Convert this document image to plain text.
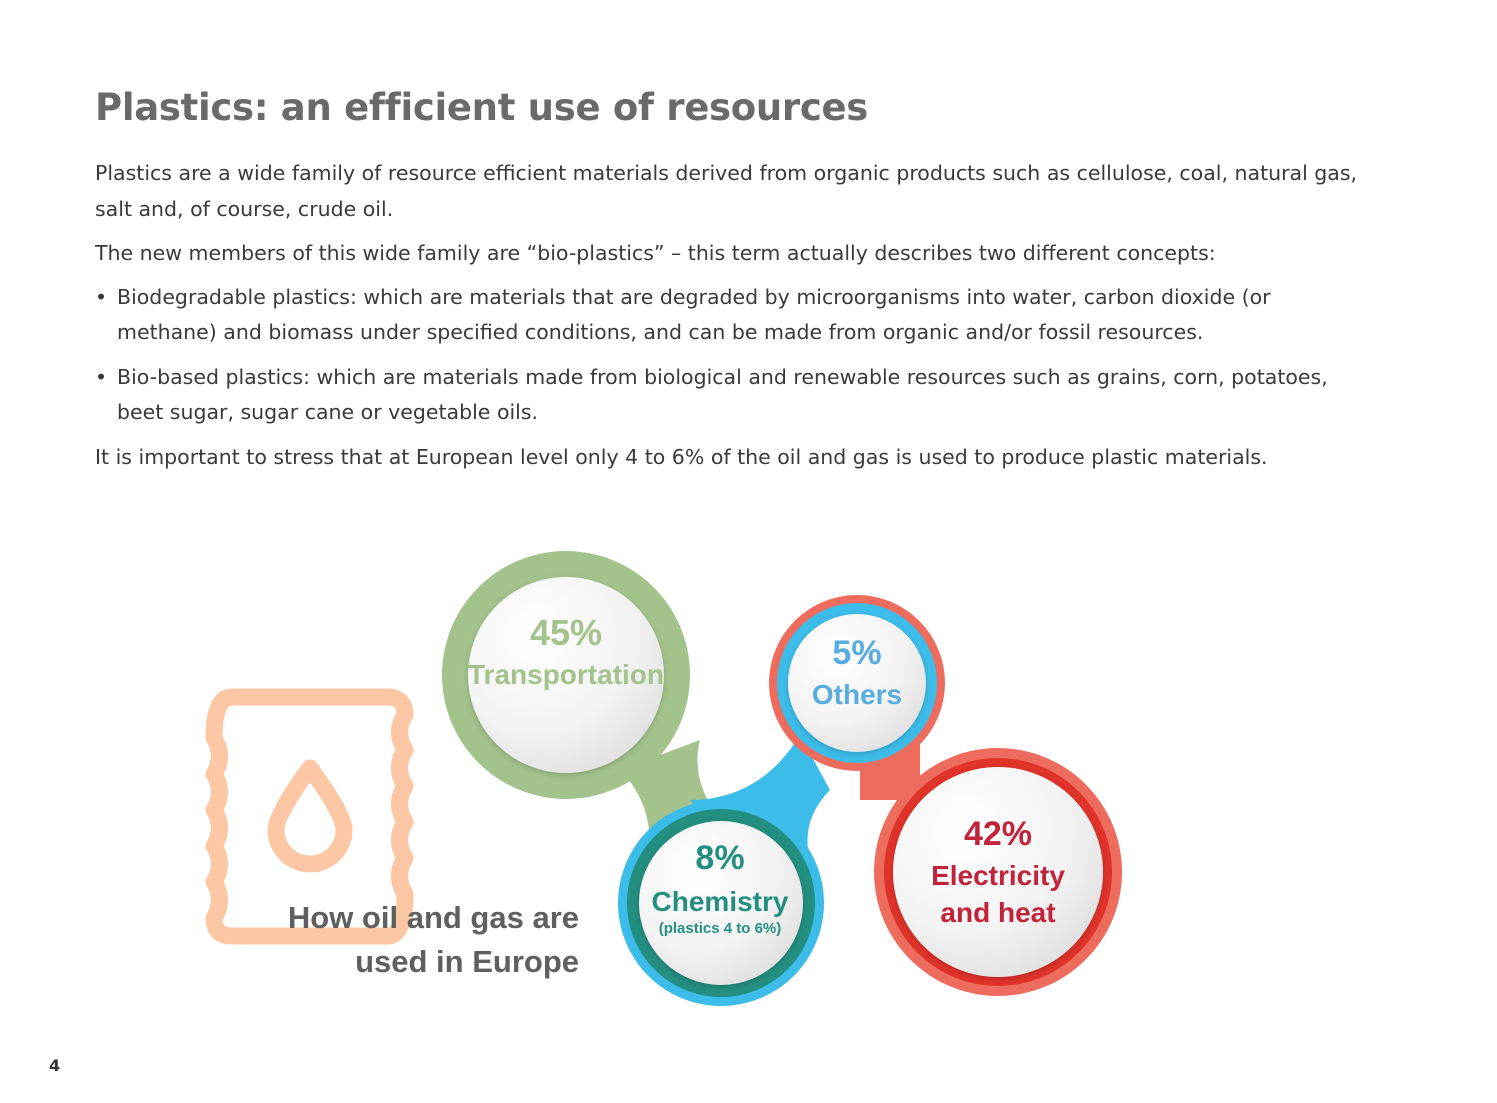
Plastics: an efficient use of resources

Plastics are a wide family of resource efficient materials derived from organic products such as cellulose, coal, natural gas, salt and, of course, crude oil.

The new members of this wide family are “bio-plastics” – this term actually describes two different concepts:

• Biodegradable plastics: which are materials that are degraded by microorganisms into water, carbon dioxide (or methane) and biomass under specified conditions, and can be made from organic and/or fossil resources.
• Bio-based plastics: which are materials made from biological and renewable resources such as grains, corn, potatoes, beet sugar, sugar cane or vegetable oils.

It is important to stress that at European level only 4 to 6% of the oil and gas is used to produce plastic materials.

45%
Transportation
5%
Others
8%
Chemistry
(plastics 4 to 6%)
42%
Electricity
and heat
How oil and gas are
used in Europe
4
